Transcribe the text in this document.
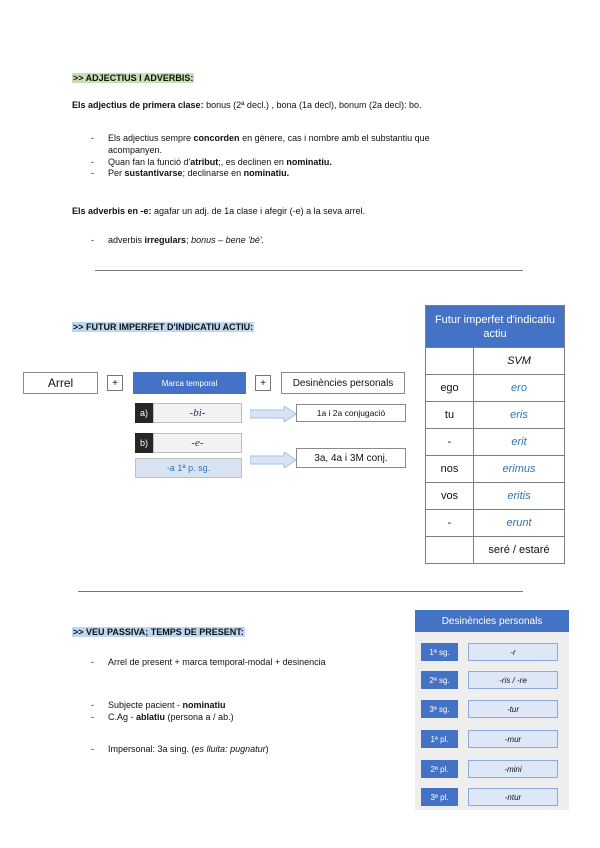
>> ADJECTIUS I ADVERBIS:
Els adjectius de primera clase: bonus (2ª decl.) , bona (1a decl), bonum (2a decl): bo.
- Els adjectius sempre concorden en gènere, cas i nombre amb el substantiu que
acompanyen.
- Quan fan la funció d'atribut;, es declinen en nominatiu.
- Per sustantivarse; declinarse en nominatiu.
Els adverbis en -e: agafar un adj. de 1a clase i afegir (-e) a la seva arrel.
- adverbis irregulars; bonus – bene 'bé'.
>> FUTUR IMPERFET D'INDICATIU ACTIU:
Arrel	+	Marca temporal	+	Desinències personals
a)	-bi-	1a i 2a conjugació
b)	-e-
-a 1ª p. sg.
3a, 4a i 3M conj.
Futur imperfet d'indicatiu actiu	
	SVM
ego	ero
tu	eris
-	erit
nos	erimus
vos	eritis
-	erunt
	seré / estaré
>> VEU PASSIVA; TEMPS DE PRESENT:
- Arrel de present + marca temporal-modal + desinencia
- Subjecte pacient - nominatiu
- C.Ag - ablatiu (persona a / ab.)
- Impersonal: 3a sing. (es lluita: pugnatur)
Desinències personals
1ª sg.	-r
2ª sg.	-ris / -re
3ª sg.	-tur
1ª pl.	-mur
2ª pl.	-mini
3ª pl.	-ntur
